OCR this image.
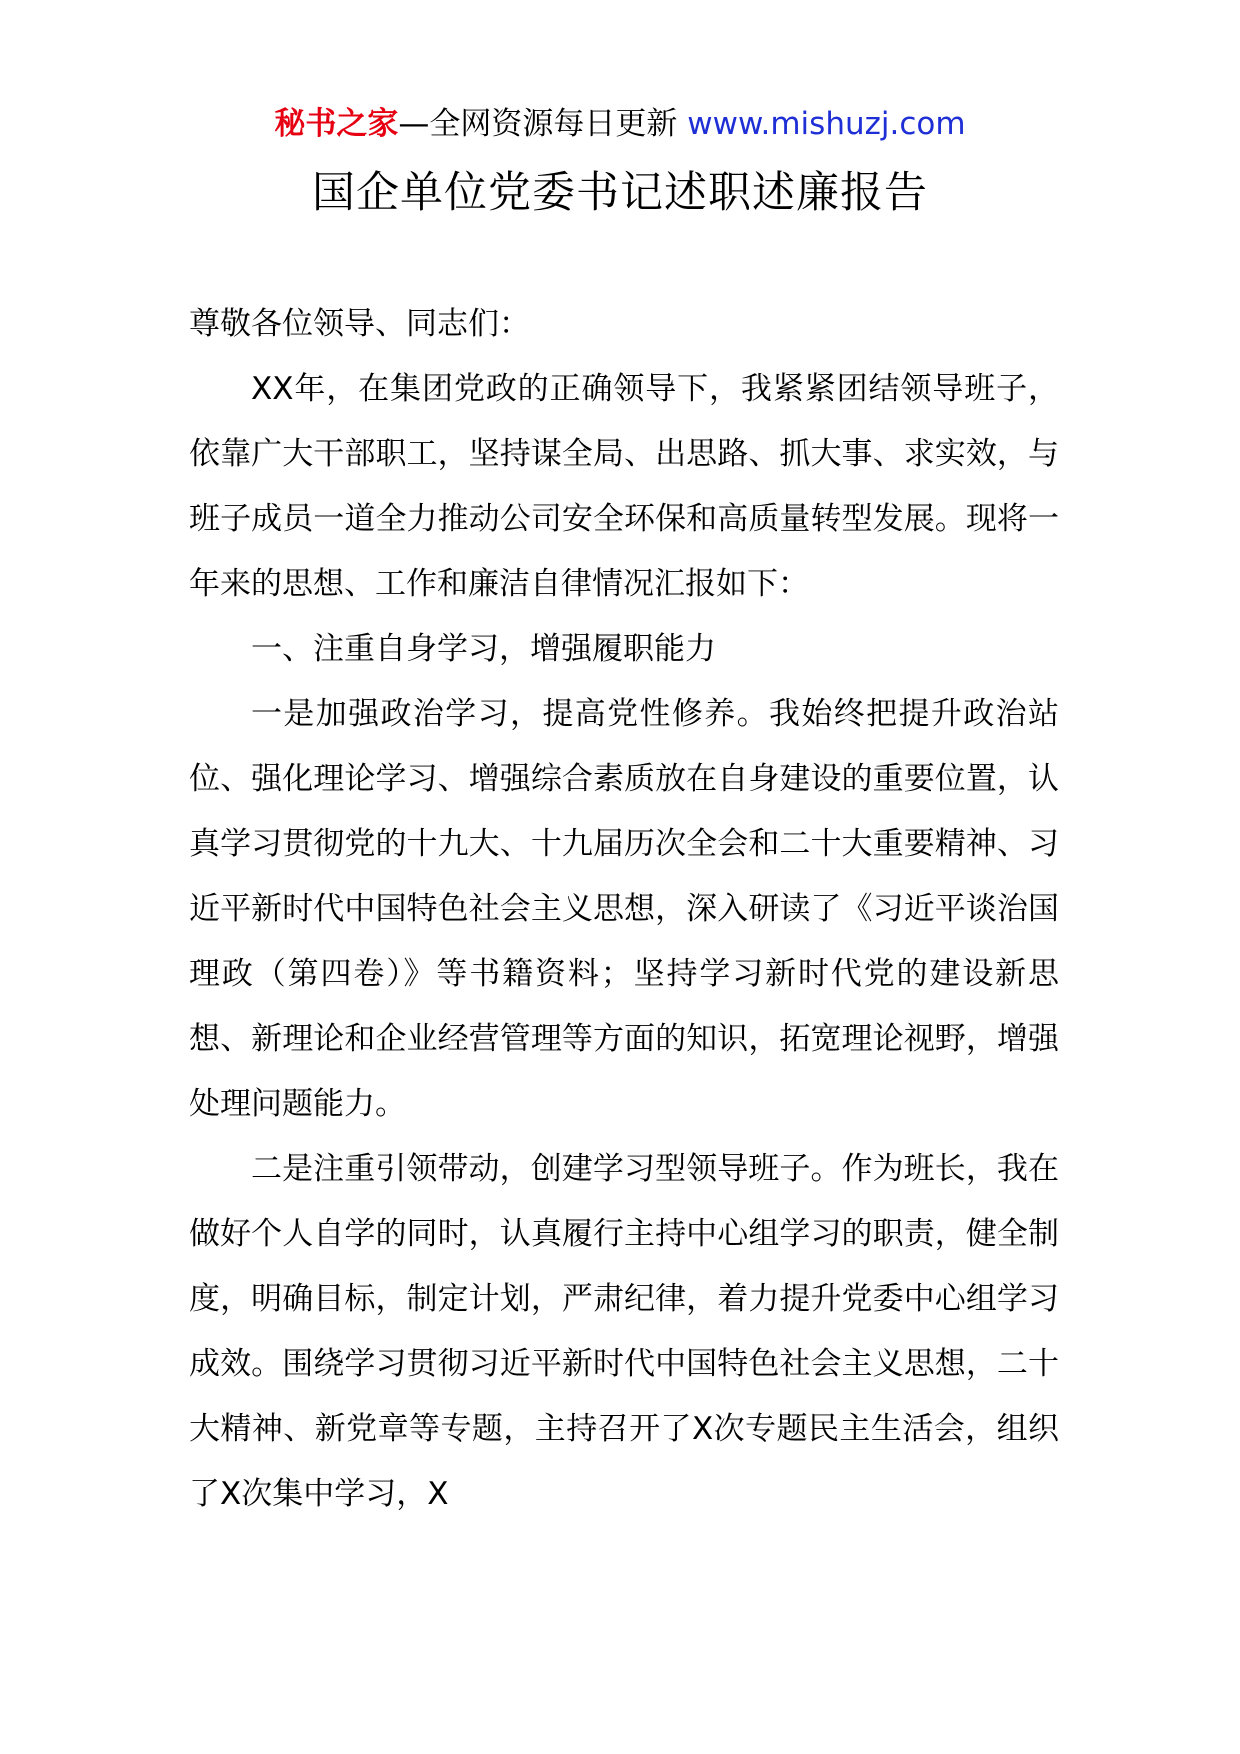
秘书之家—全网资源每日更新 www.mishuzj.com
国企单位党委书记述职述廉报告

尊敬各位领导、同志们：

XX年，在集团党政的正确领导下，我紧紧团结领导班子，依靠广大干部职工，坚持谋全局、出思路、抓大事、求实效，与班子成员一道全力推动公司安全环保和高质量转型发展。现将一年来的思想、工作和廉洁自律情况汇报如下：

一、注重自身学习，增强履职能力

一是加强政治学习，提高党性修养。我始终把提升政治站位、强化理论学习、增强综合素质放在自身建设的重要位置，认真学习贯彻党的十九大、十九届历次全会和二十大重要精神、习近平新时代中国特色社会主义思想，深入研读了《习近平谈治国理政（第四卷）》等书籍资料；坚持学习新时代党的建设新思想、新理论和企业经营管理等方面的知识，拓宽理论视野，增强处理问题能力。

二是注重引领带动，创建学习型领导班子。作为班长，我在做好个人自学的同时，认真履行主持中心组学习的职责，健全制度，明确目标，制定计划，严肃纪律，着力提升党委中心组学习成效。围绕学习贯彻习近平新时代中国特色社会主义思想，二十大精神、新党章等专题，主持召开了X次专题民主生活会，组织了X次集中学习，X
